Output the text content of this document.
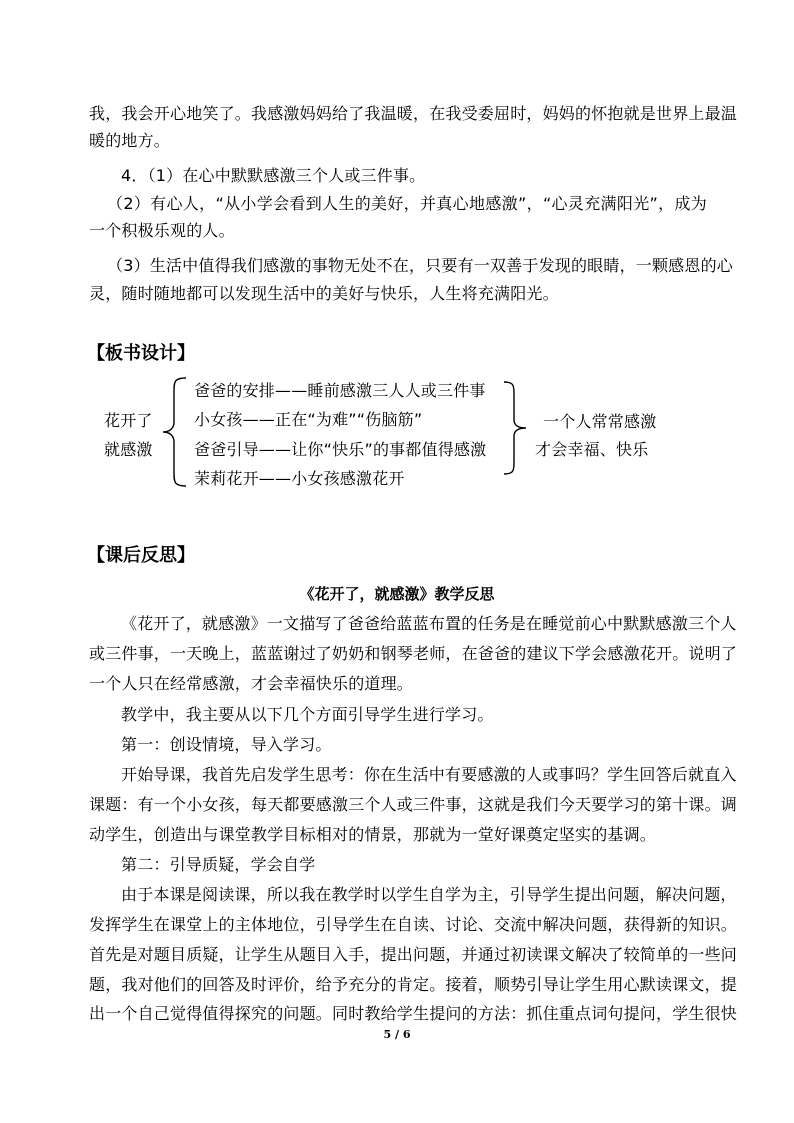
我，我会开心地笑了。我感激妈妈给了我温暖，在我受委屈时，妈妈的怀抱就是世界上最温
暖的地方。
4．（1）在心中默默感激三个人或三件事。
（2）有心人，“从小学会看到人生的美好，并真心地感激”，“心灵充满阳光”，成为
一个积极乐观的人。
（3）生活中值得我们感激的事物无处不在，只要有一双善于发现的眼睛，一颗感恩的心
灵，随时随地都可以发现生活中的美好与快乐，人生将充满阳光。
【板书设计】
花开了
就感激
爸爸的安排——睡前感激三人人或三件事
小女孩——正在“为难”“伤脑筋”
爸爸引导——让你“快乐”的事都值得感激
茉莉花开——小女孩感激花开
一个人常常感激
才会幸福、快乐
【课后反思】
《花开了，就感激》教学反思
《花开了，就感激》一文描写了爸爸给蓝蓝布置的任务是在睡觉前心中默默感激三个人
或三件事，一天晚上，蓝蓝谢过了奶奶和钢琴老师，在爸爸的建议下学会感激花开。说明了
一个人只在经常感激，才会幸福快乐的道理。
教学中，我主要从以下几个方面引导学生进行学习。
第一：创设情境，导入学习。
开始导课，我首先启发学生思考：你在生活中有要感激的人或事吗？学生回答后就直入
课题：有一个小女孩，每天都要感激三个人或三件事，这就是我们今天要学习的第十课。调
动学生，创造出与课堂教学目标相对的情景，那就为一堂好课奠定坚实的基调。
第二：引导质疑，学会自学
由于本课是阅读课，所以我在教学时以学生自学为主，引导学生提出问题，解决问题，
发挥学生在课堂上的主体地位，引导学生在自读、讨论、交流中解决问题，获得新的知识。
首先是对题目质疑，让学生从题目入手，提出问题，并通过初读课文解决了较简单的一些问
题，我对他们的回答及时评价，给予充分的肯定。接着，顺势引导让学生用心默读课文，提
出一个自己觉得值得探究的问题。同时教给学生提问的方法：抓住重点词句提问，学生很快
5 / 6
